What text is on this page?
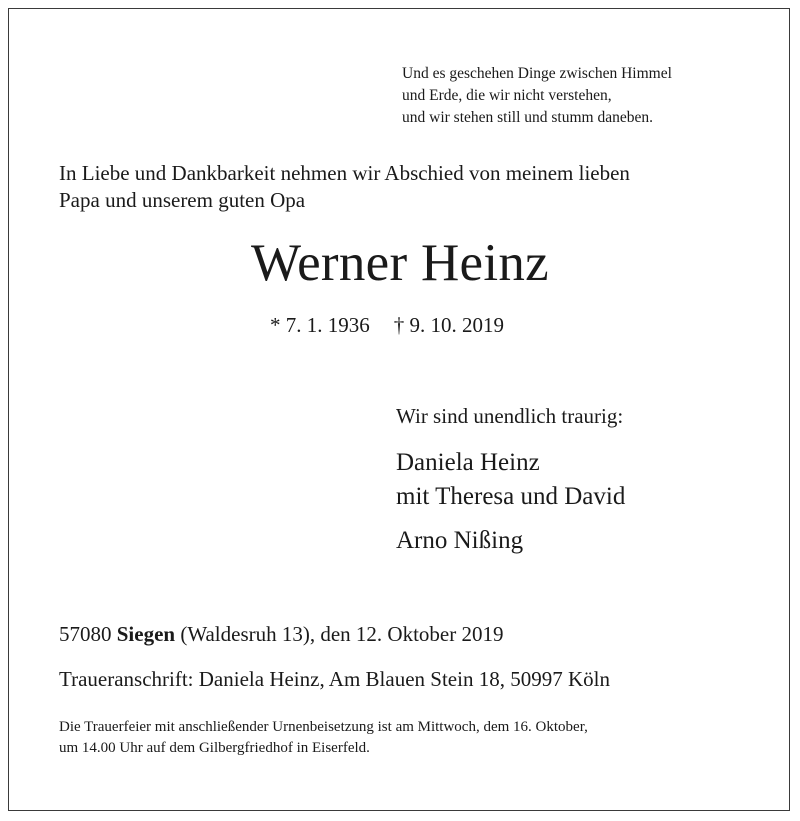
Und es geschehen Dinge zwischen Himmel
und Erde, die wir nicht verstehen,
und wir stehen still und stumm daneben.
In Liebe und Dankbarkeit nehmen wir Abschied von meinem lieben
Papa und unserem guten Opa
Werner Heinz
* 7. 1. 1936 † 9. 10. 2019
Wir sind unendlich traurig:
Daniela Heinz
mit Theresa und David
Arno Nißing
57080 Siegen (Waldesruh 13), den 12. Oktober 2019
Traueranschrift: Daniela Heinz, Am Blauen Stein 18, 50997 Köln
Die Trauerfeier mit anschließender Urnenbeisetzung ist am Mittwoch, dem 16. Oktober,
um 14.00 Uhr auf dem Gilbergfriedhof in Eiserfeld.
